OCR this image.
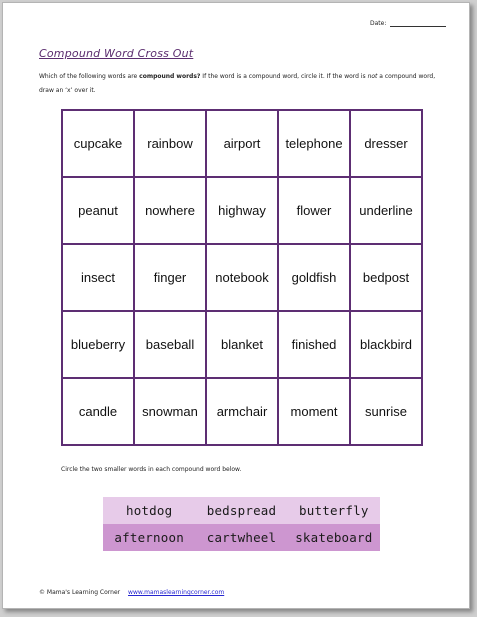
Date:
Compound Word Cross Out
Which of the following words are compound words? If the word is a compound word, circle it. If the word is not a compound word, draw an ‘x’ over it.
cupcake	rainbow	airport	telephone	dresser
peanut	nowhere	highway	flower	underline
insect	finger	notebook	goldfish	bedpost
blueberry	baseball	blanket	finished	blackbird
candle	snowman	armchair	moment	sunrise
Circle the two smaller words in each compound word below.
hotdog	bedspread	butterfly
afternoon	cartwheel	skateboard
© Mama's Learning Corner www.mamaslearningcorner.com
